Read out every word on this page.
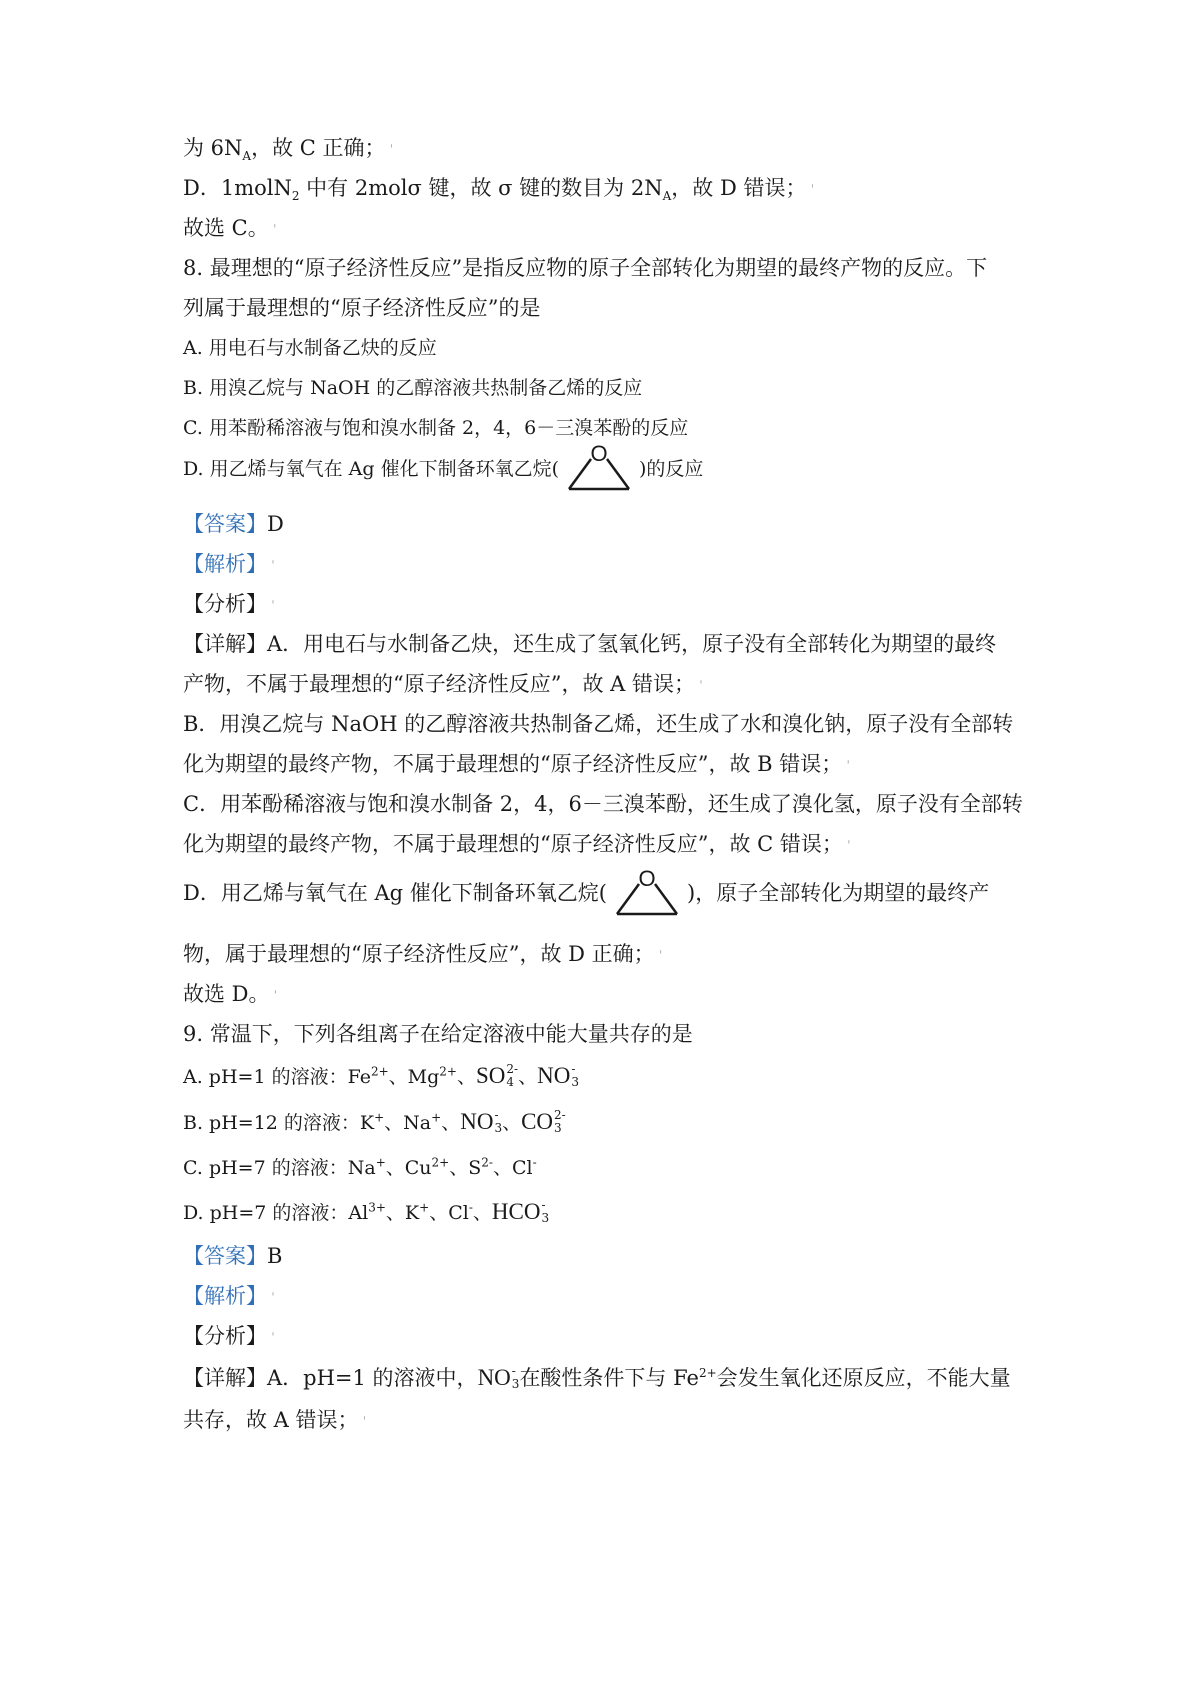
为 $6N_A$，故 C 正确； ˈ
D．1molN$_2$ 中有 2molσ 键，故 σ 键的数目为 $2N_A$，故 D 错误； ˈ
故选 C。 ˈ
8. 最理想的“原子经济性反应”是指反应物的原子全部转化为期望的最终产物的反应。下
列属于最理想的“原子经济性反应”的是
A. 用电石与水制备乙炔的反应
B. 用溴乙烷与 NaOH 的乙醇溶液共热制备乙烯的反应
C. 用苯酚稀溶液与饱和溴水制备 2，4，6－三溴苯酚的反应
D. 用乙烯与氧气在 Ag 催化下制备环氧乙烷(
O
)的反应
【答案】D
【解析】 ˈ
【分析】 ˈ
【详解】A．用电石与水制备乙炔，还生成了氢氧化钙，原子没有全部转化为期望的最终
产物，不属于最理想的“原子经济性反应”，故 A 错误； ˈ
B．用溴乙烷与 NaOH 的乙醇溶液共热制备乙烯，还生成了水和溴化钠，原子没有全部转
化为期望的最终产物，不属于最理想的“原子经济性反应”，故 B 错误； ˈ
C．用苯酚稀溶液与饱和溴水制备 2，4，6－三溴苯酚，还生成了溴化氢，原子没有全部转
化为期望的最终产物，不属于最理想的“原子经济性反应”，故 C 错误； ˈ
D．用乙烯与氧气在 Ag 催化下制备环氧乙烷(
O
)，原子全部转化为期望的最终产
物，属于最理想的“原子经济性反应”，故 D 正确； ˈ
故选 D。 ˈ
9. 常温下，下列各组离子在给定溶液中能大量共存的是
A. pH=1 的溶液：$Fe^{2+}$、$Mg^{2+}$、SO 2-
4 、NO -
3
B. pH=12 的溶液：K+、Na+、NO -
3 、CO 2-
3
C. pH=7 的溶液：Na+、$Cu^{2+}$、$S^{2-}$、Cl-
D. pH=7 的溶液：$Al^{3+}$、K+、Cl-、HCO -
3
【答案】B
【解析】 ˈ
【分析】 ˈ
【详解】A．pH=1 的溶液中，NO -
3 在酸性条件下与 $Fe^{2+}$会发生氧化还原反应，不能大量
共存，故 A 错误； ˈ
